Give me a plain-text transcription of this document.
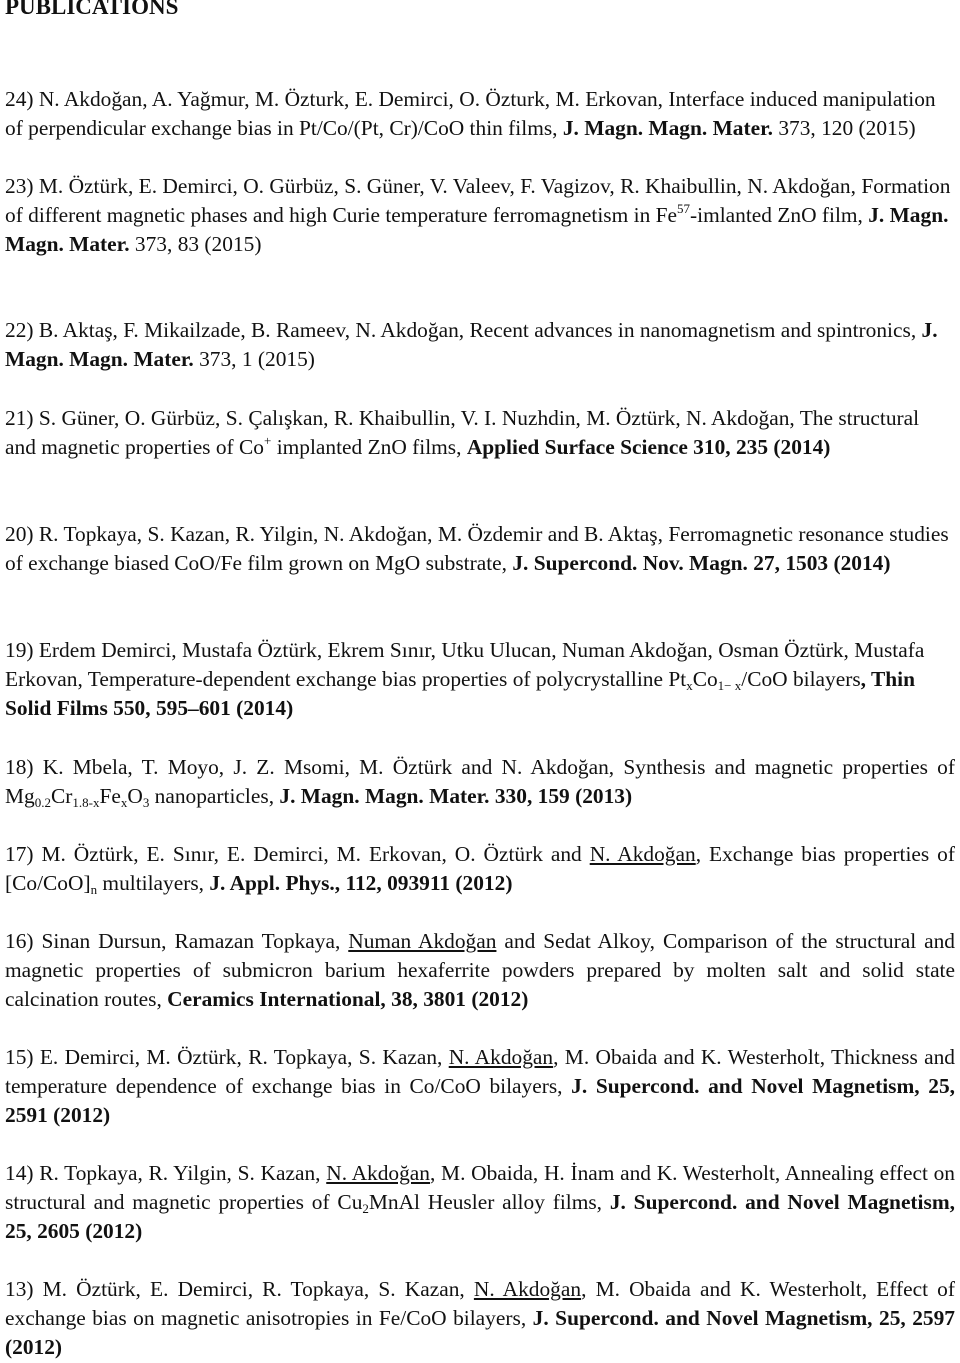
PUBLICATIONS

24) N. Akdoğan, A. Yağmur, M. Özturk, E. Demirci, O. Özturk, M. Erkovan, Interface induced manipulation of perpendicular exchange bias in Pt/Co/(Pt, Cr)/CoO thin films, J. Magn. Magn. Mater. 373, 120 (2015)

23) M. Öztürk, E. Demirci, O. Gürbüz, S. Güner, V. Valeev, F. Vagizov, R. Khaibullin, N. Akdoğan, Formation of different magnetic phases and high Curie temperature ferromagnetism in Fe$^{57}$-imlanted ZnO film, J. Magn. Magn. Mater. 373, 83 (2015)

22) B. Aktaş, F. Mikailzade, B. Rameev, N. Akdoğan, Recent advances in nanomagnetism and spintronics, J. Magn. Magn. Mater. 373, 1 (2015)

21) S. Güner, O. Gürbüz, S. Çalışkan, R. Khaibullin, V. I. Nuzhdin, M. Öztürk, N. Akdoğan, The structural and magnetic properties of Co+ implanted ZnO films, Applied Surface Science 310, 235 (2014)

20) R. Topkaya, S. Kazan, R. Yilgin, N. Akdoğan, M. Özdemir and B. Aktaş, Ferromagnetic resonance studies of exchange biased CoO/Fe film grown on MgO substrate, J. Supercond. Nov. Magn. 27, 1503 (2014)

19) Erdem Demirci, Mustafa Öztürk, Ekrem Sınır, Utku Ulucan, Numan Akdoğan, Osman Öztürk, Mustafa Erkovan, Temperature-dependent exchange bias properties of polycrystalline $Pt_xCo_{1- x}$/CoO bilayers, Thin Solid Films 550, 595–601 (2014)

18) K. Mbela, T. Moyo, J. Z. Msomi, M. Öztürk and N. Akdoğan, Synthesis and magnetic properties of $Mg_{0.2}Cr_{1.8-x}Fe_xO_3$ nanoparticles, J. Magn. Magn. Mater. 330, 159 (2013)

17) M. Öztürk, E. Sınır, E. Demirci, M. Erkovan, O. Öztürk and N. Akdoğan, Exchange bias properties of $[Co/CoO]_n$ multilayers, J. Appl. Phys., 112, 093911 (2012)

16) Sinan Dursun, Ramazan Topkaya, Numan Akdoğan and Sedat Alkoy, Comparison of the structural and magnetic properties of submicron barium hexaferrite powders prepared by molten salt and solid state calcination routes, Ceramics International, 38, 3801 (2012)

15) E. Demirci, M. Öztürk, R. Topkaya, S. Kazan, N. Akdoğan, M. Obaida and K. Westerholt, Thickness and temperature dependence of exchange bias in Co/CoO bilayers, J. Supercond. and Novel Magnetism, 25, 2591 (2012)

14) R. Topkaya, R. Yilgin, S. Kazan, N. Akdoğan, M. Obaida, H. İnam and K. Westerholt, Annealing effect on structural and magnetic properties of $Cu_2MnAl$ Heusler alloy films, J. Supercond. and Novel Magnetism, 25, 2605 (2012)

13) M. Öztürk, E. Demirci, R. Topkaya, S. Kazan, N. Akdoğan, M. Obaida and K. Westerholt, Effect of exchange bias on magnetic anisotropies in Fe/CoO bilayers, J. Supercond. and Novel Magnetism, 25, 2597 (2012)
